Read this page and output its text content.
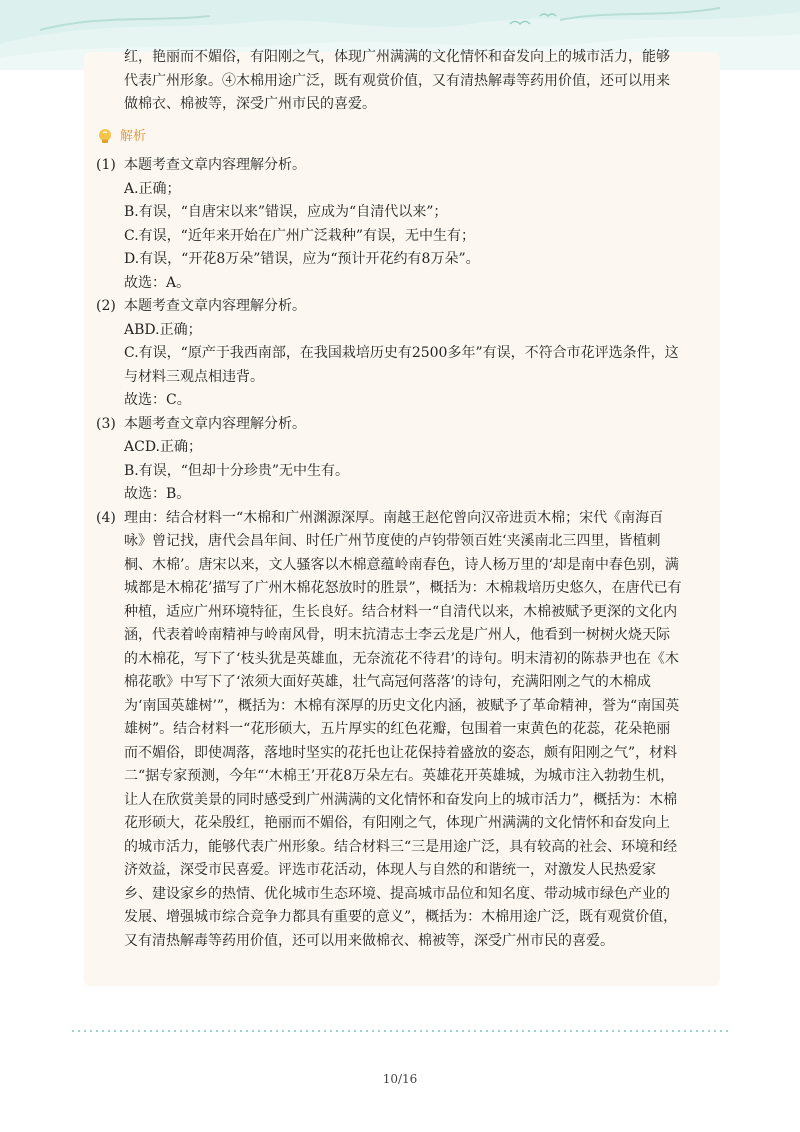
红，艳丽而不媚俗，有阳刚之气，体现广州满满的文化情怀和奋发向上的城市活力，能够

代表广州形象。④木棉用途广泛，既有观赏价值，又有清热解毒等药用价值，还可以用来

做棉衣、棉被等，深受广州市民的喜爱。

解析
(1) 本题考查文章内容理解分析。

A.正确；

B.有误，“自唐宋以来”错误，应成为“自清代以来”；

C.有误，“近年来开始在广州广泛栽种”有误，无中生有；

D.有误，“开花8万朵”错误，应为“预计开花约有8万朵”。

故选：A。

(2) 本题考查文章内容理解分析。

ABD.正确；

C.有误，“原产于我西南部，在我国栽培历史有2500多年”有误，不符合市花评选条件，这

与材料三观点相违背。

故选：C。

(3) 本题考查文章内容理解分析。

ACD.正确；

B.有误，“但却十分珍贵”无中生有。

故选：B。

(4) 理由：结合材料一“木棉和广州渊源深厚。南越王赵佗曾向汉帝进贡木棉；宋代《南海百

咏》曾记找，唐代会昌年间、时任广州节度使的卢钧带领百姓‘夹溪南北三四里，皆植刺

桐、木棉’。唐宋以来，文人骚客以木棉意蕴岭南春色，诗人杨万里的‘却是南中春色别，满

城都是木棉花’描写了广州木棉花怒放时的胜景”，概括为：木棉栽培历史悠久，在唐代已有

种植，适应广州环境特征，生长良好。结合材料一“自清代以来，木棉被赋予更深的文化内

涵，代表着岭南精神与岭南风骨，明末抗清志士李云龙是广州人，他看到一树树火烧天际

的木棉花，写下了‘枝头犹是英雄血，无奈流花不待君’的诗句。明末清初的陈恭尹也在《木

棉花歌》中写下了‘浓须大面好英雄，壮气高冠何落落’的诗句，充满阳刚之气的木棉成

为‘南国英雄树’”，概括为：木棉有深厚的历史文化内涵，被赋予了革命精神，誉为“南国英

雄树”。结合材料一“花形硕大，五片厚实的红色花瓣，包围着一束黄色的花蕊，花朵艳丽

而不媚俗，即使凋落，落地时坚实的花托也让花保持着盛放的姿态，颇有阳刚之气”，材料

二“据专家预测，今年“‘木棉王’开花8万朵左右。英雄花开英雄城，为城市注入勃勃生机，

让人在欣赏美景的同时感受到广州满满的文化情怀和奋发向上的城市活力”，概括为：木棉

花形硕大，花朵殷红，艳丽而不媚俗，有阳刚之气，体现广州满满的文化情怀和奋发向上

的城市活力，能够代表广州形象。结合材料三“三是用途广泛，具有较高的社会、环境和经

济效益，深受市民喜爱。评选市花活动，体现人与自然的和谐统一，对激发人民热爱家

乡、建设家乡的热情、优化城市生态环境、提高城市品位和知名度、带动城市绿色产业的

发展、增强城市综合竞争力都具有重要的意义”，概括为：木棉用途广泛，既有观赏价值，

又有清热解毒等药用价值，还可以用来做棉衣、棉被等，深受广州市民的喜爱。

10/16
